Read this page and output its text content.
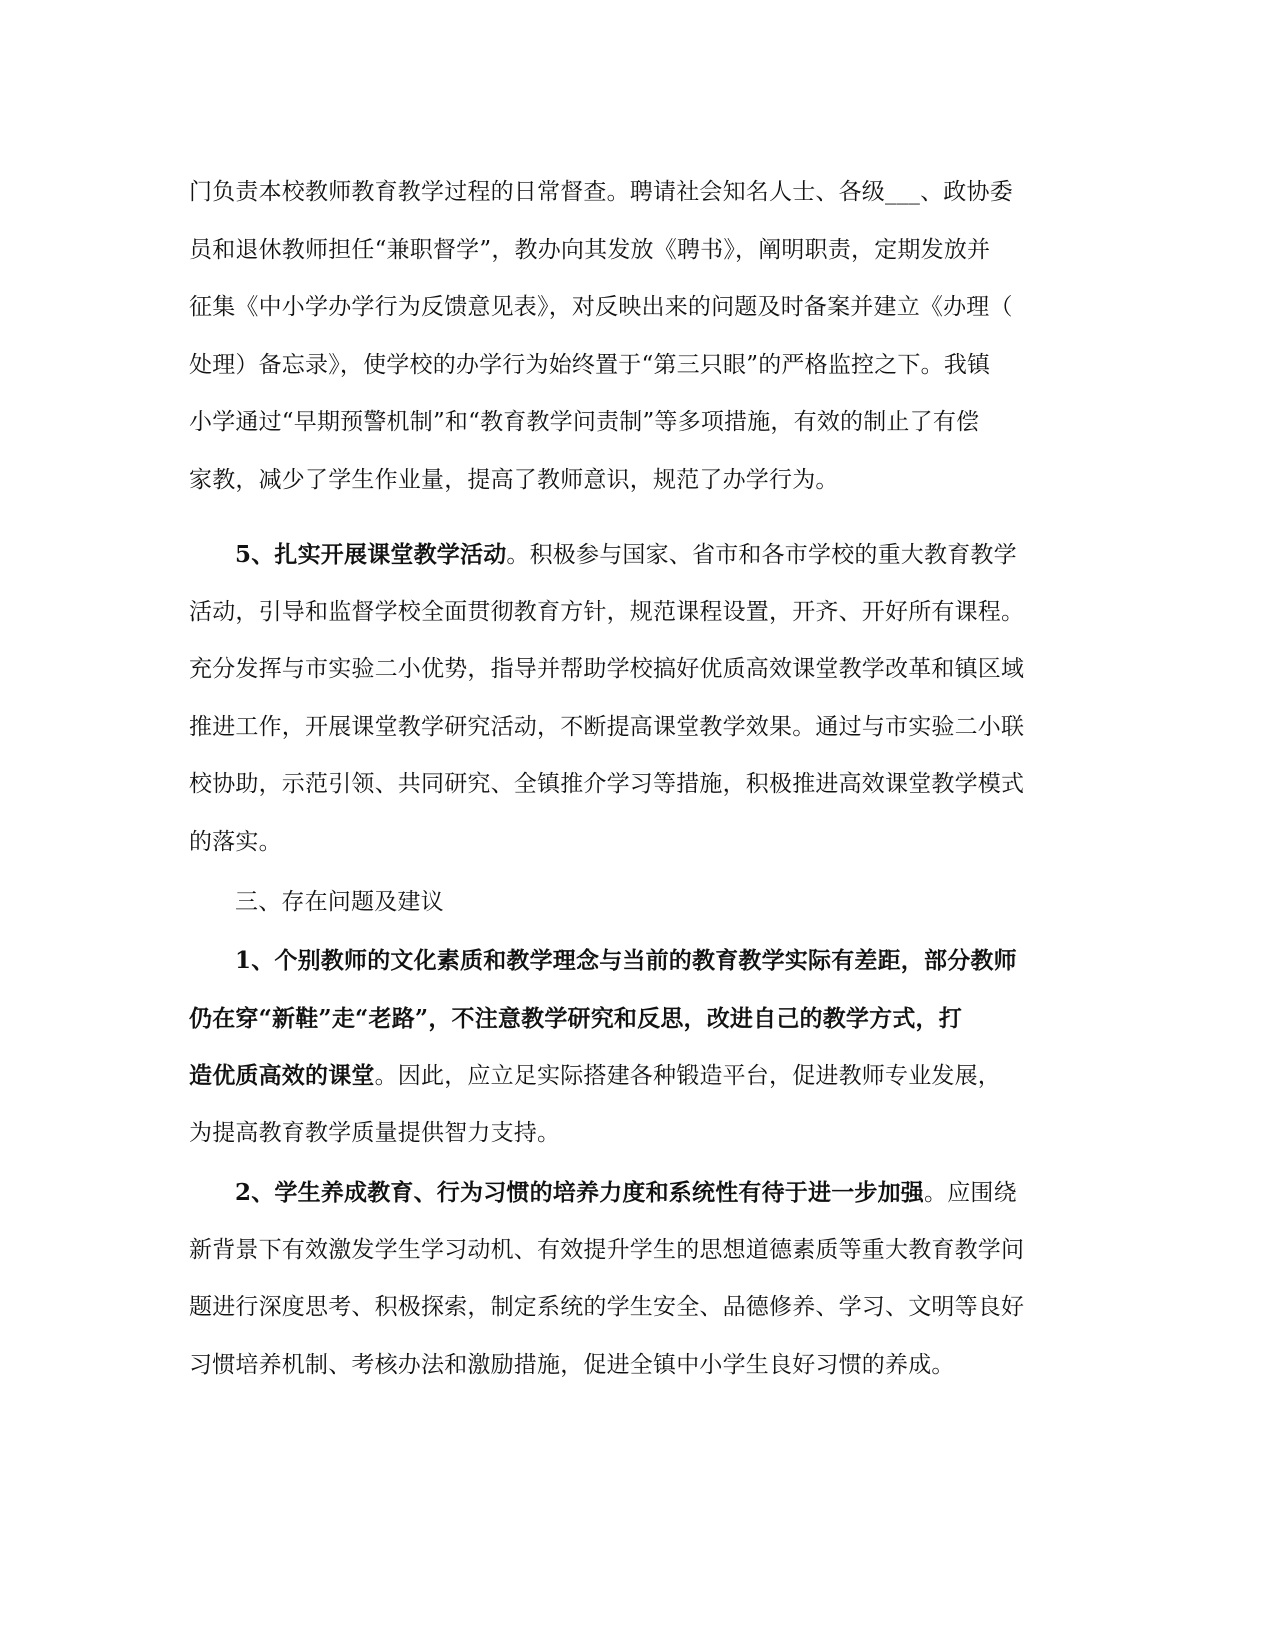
门负责本校教师教育教学过程的日常督查。聘请社会知名人士、各级___、政协委
员和退休教师担任“兼职督学”，教办向其发放《聘书》，阐明职责，定期发放并
征集《中小学办学行为反馈意见表》，对反映出来的问题及时备案并建立《办理（
处理）备忘录》，使学校的办学行为始终置于“第三只眼”的严格监控之下。我镇
小学通过“早期预警机制”和“教育教学问责制”等多项措施，有效的制止了有偿
家教，减少了学生作业量，提高了教师意识，规范了办学行为。
5、扎实开展课堂教学活动。积极参与国家、省市和各市学校的重大教育教学
活动，引导和监督学校全面贯彻教育方针，规范课程设置，开齐、开好所有课程。
充分发挥与市实验二小优势，指导并帮助学校搞好优质高效课堂教学改革和镇区域
推进工作，开展课堂教学研究活动，不断提高课堂教学效果。通过与市实验二小联
校协助，示范引领、共同研究、全镇推介学习等措施，积极推进高效课堂教学模式
的落实。
三、存在问题及建议
1、个别教师的文化素质和教学理念与当前的教育教学实际有差距，部分教师
仍在穿“新鞋”走“老路”，不注意教学研究和反思，改进自己的教学方式，打
造优质高效的课堂。因此，应立足实际搭建各种锻造平台，促进教师专业发展，
为提高教育教学质量提供智力支持。
2、学生养成教育、行为习惯的培养力度和系统性有待于进一步加强。应围绕
新背景下有效激发学生学习动机、有效提升学生的思想道德素质等重大教育教学问
题进行深度思考、积极探索，制定系统的学生安全、品德修养、学习、文明等良好
习惯培养机制、考核办法和激励措施，促进全镇中小学生良好习惯的养成。
